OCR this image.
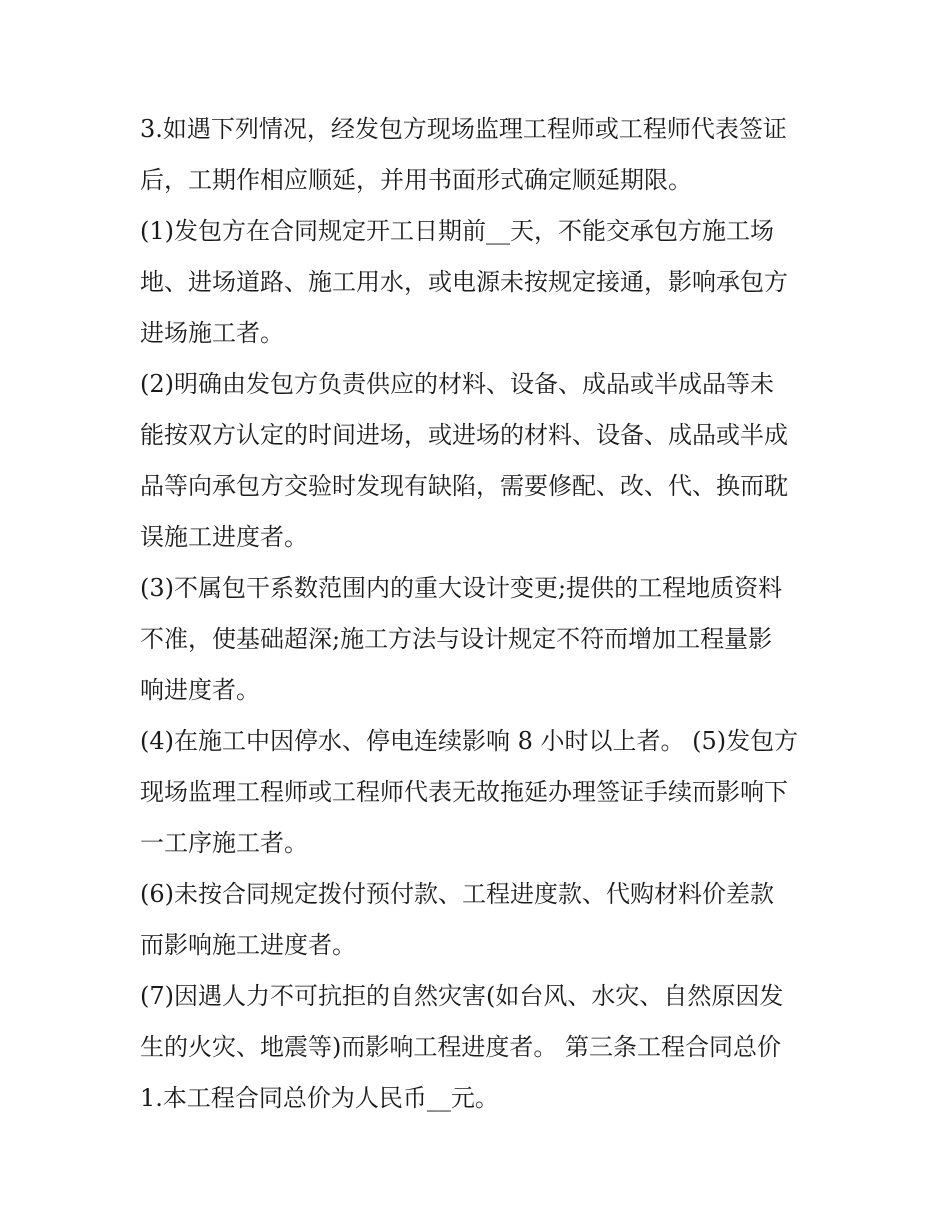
3.如遇下列情况，经发包方现场监理工程师或工程师代表签证
后，工期作相应顺延，并用书面形式确定顺延期限。
(1)发包方在合同规定开工日期前__天，不能交承包方施工场
地、进场道路、施工用水，或电源未按规定接通，影响承包方
进场施工者。
(2)明确由发包方负责供应的材料、设备、成品或半成品等未
能按双方认定的时间进场，或进场的材料、设备、成品或半成
品等向承包方交验时发现有缺陷，需要修配、改、代、换而耽
误施工进度者。
(3)不属包干系数范围内的重大设计变更;提供的工程地质资料
不准，使基础超深;施工方法与设计规定不符而增加工程量影
响进度者。
(4)在施工中因停水、停电连续影响 8 小时以上者。 (5)发包方
现场监理工程师或工程师代表无故拖延办理签证手续而影响下
一工序施工者。
(6)未按合同规定拨付预付款、工程进度款、代购材料价差款
而影响施工进度者。
(7)因遇人力不可抗拒的自然灾害(如台风、水灾、自然原因发
生的火灾、地震等)而影响工程进度者。 第三条工程合同总价
1.本工程合同总价为人民币__元。
